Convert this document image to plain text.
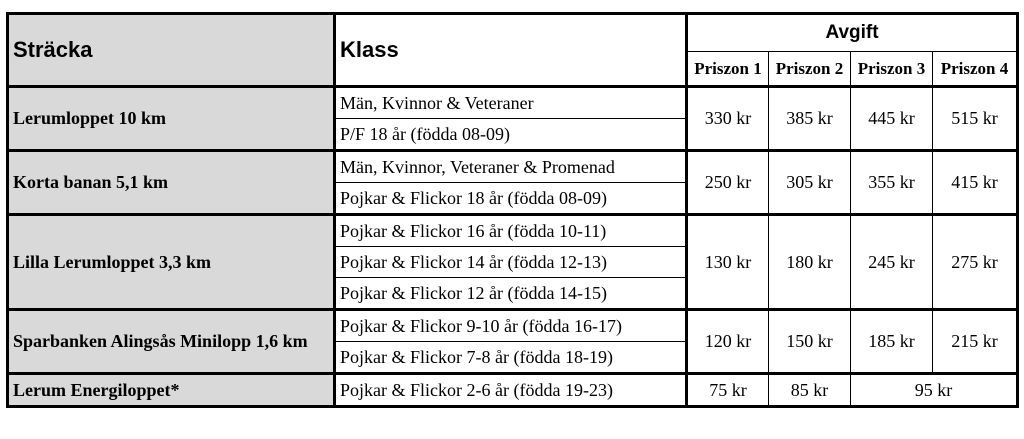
Sträcka	Klass	Avgift			
		Priszon 1	Priszon 2	Priszon 3	Priszon 4
Lerumloppet 10 km	Män, Kvinnor & Veteraner	330 kr	385 kr	445 kr	515 kr
	P/F 18 år (födda 08-09)				
Korta banan 5,1 km	Män, Kvinnor, Veteraner & Promenad	250 kr	305 kr	355 kr	415 kr
	Pojkar & Flickor 18 år (födda 08-09)				
Lilla Lerumloppet 3,3 km	Pojkar & Flickor 16 år (födda 10-11)	130 kr	180 kr	245 kr	275 kr
	Pojkar & Flickor 14 år (födda 12-13)				
	Pojkar & Flickor 12 år (födda 14-15)				
Sparbanken Alingsås Minilopp 1,6 km	Pojkar & Flickor 9-10 år (födda 16-17)	120 kr	150 kr	185 kr	215 kr
	Pojkar & Flickor 7-8 år (födda 18-19)				
Lerum Energiloppet*	Pojkar & Flickor 2-6 år (födda 19-23)	75 kr	85 kr	95 kr	
